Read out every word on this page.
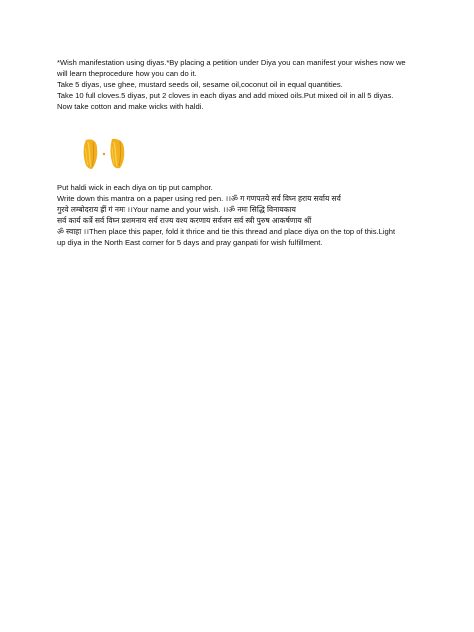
*Wish manifestation using diyas.*By placing a petition under Diya you can manifest your wishes now we

will learn theprocedure how you can do it.

Take 5 diyas, use ghee, mustard seeds oil, sesame oil,coconut oil in equal quantities.

Take 10 full cloves.5 diyas, put 2 cloves in each diyas and add mixed oils.Put mixed oil in all 5 diyas.

Now take cotton and make wicks with haldi.

Put haldi wick in each diya on tip put camphor.

Write down this mantra on a paper using red pen. ।।ॐ ग गणपतये सर्व विघ्न हराय सर्वाय सर्व

गुरवे लम्बोदराय ह्रीं गं नमः ।।Your name and your wish. ।।ॐ नमः सिद्धि विनायकाय

सर्व कार्य कर्त्रे सर्व विघ्न प्रशमनाय सर्व राज्य वश्य करणाय सर्वजन सर्व स्त्री पुरुष आकर्षणाय श्रीं

ॐ स्वाहा ।।Then place this paper, fold it thrice and tie this thread and place diya on the top of this.Light

up diya in the North East corner for 5 days and pray ganpati for wish fulfillment.
